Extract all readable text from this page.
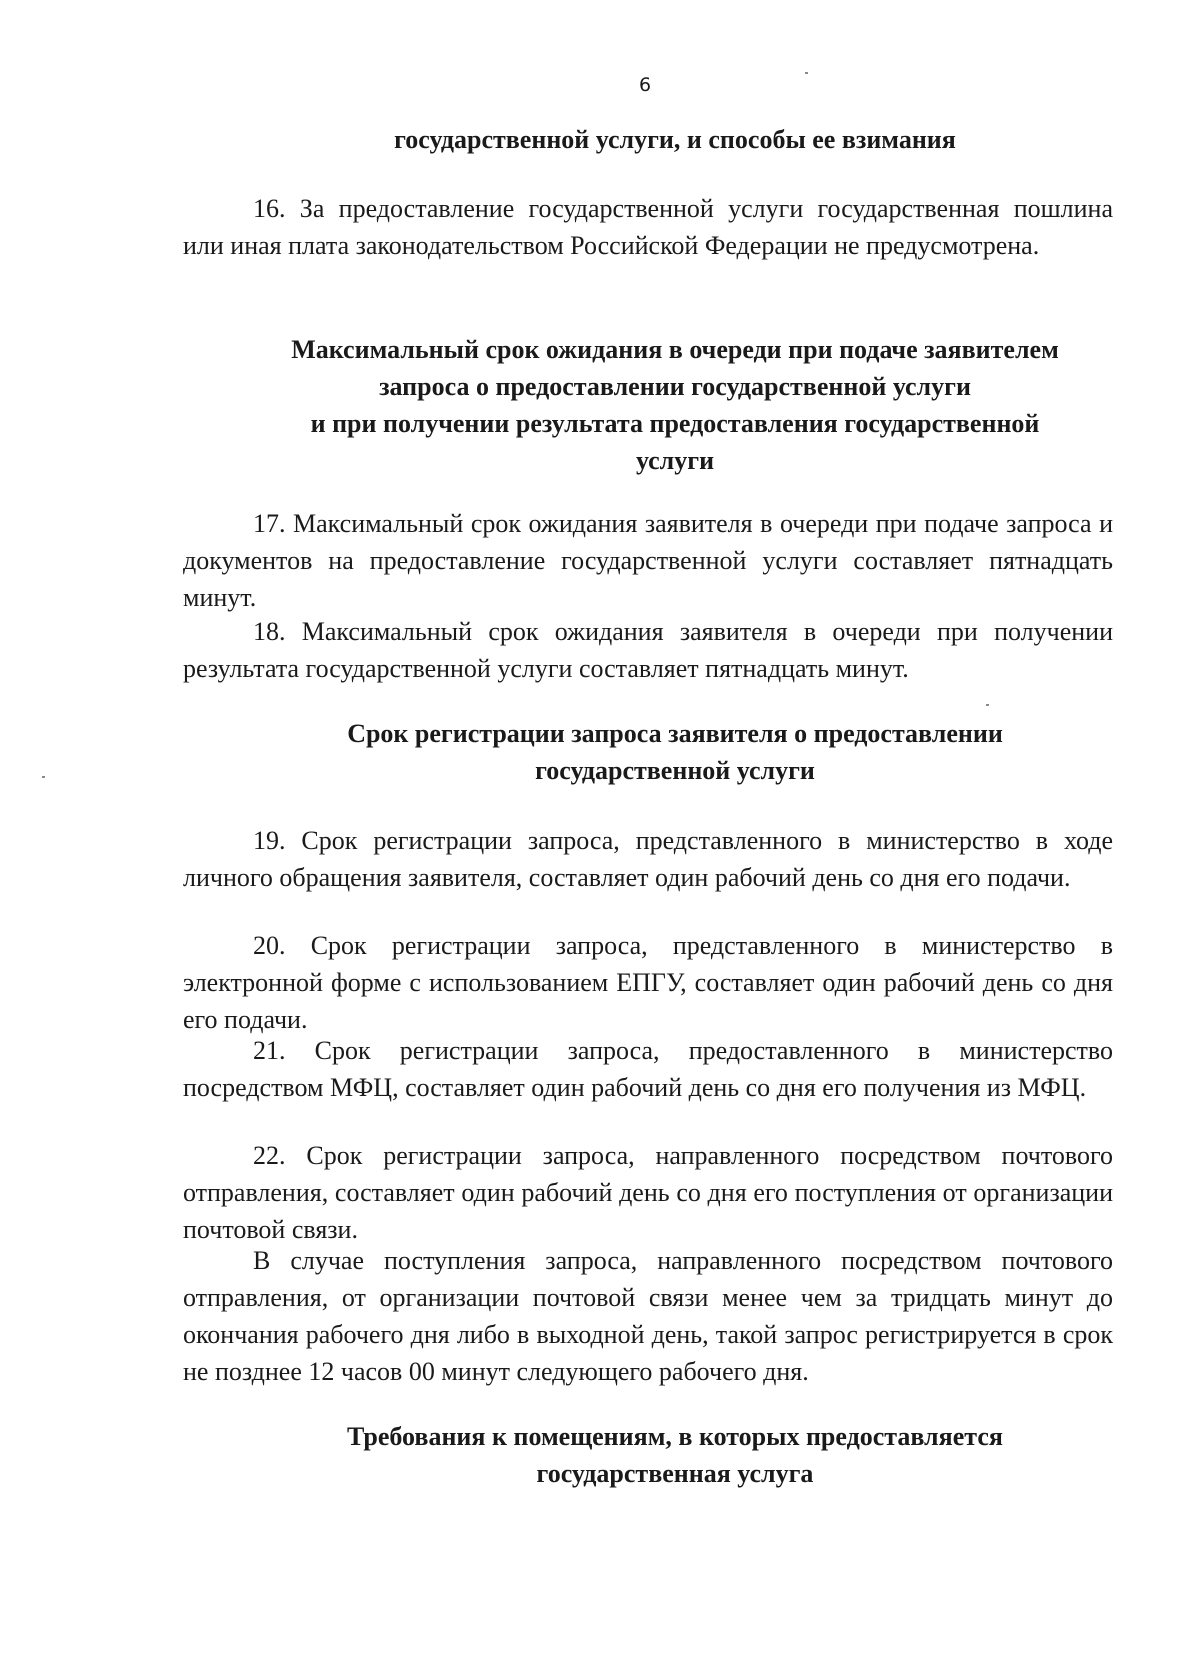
6
государственной услуги, и способы ее взимания
16. За предоставление государственной услуги государственная пошлина или иная плата законодательством Российской Федерации не предусмотрена.
Максимальный срок ожидания в очереди при подаче заявителем
запроса о предоставлении государственной услуги
и при получении результата предоставления государственной
услуги
17. Максимальный срок ожидания заявителя в очереди при подаче запроса и документов на предоставление государственной услуги составляет пятнадцать минут.
18. Максимальный срок ожидания заявителя в очереди при получении результата государственной услуги составляет пятнадцать минут.
Срок регистрации запроса заявителя о предоставлении
государственной услуги
19. Срок регистрации запроса, представленного в министерство в ходе личного обращения заявителя, составляет один рабочий день со дня его подачи.
20. Срок регистрации запроса, представленного в министерство в электронной форме с использованием ЕПГУ, составляет один рабочий день со дня его подачи.
21. Срок регистрации запроса, предоставленного в министерство посредством МФЦ, составляет один рабочий день со дня его получения из МФЦ.
22. Срок регистрации запроса, направленного посредством почтового отправления, составляет один рабочий день со дня его поступления от организации почтовой связи.
В случае поступления запроса, направленного посредством почтового отправления, от организации почтовой связи менее чем за тридцать минут до окончания рабочего дня либо в выходной день, такой запрос регистрируется в срок не позднее 12 часов 00 минут следующего рабочего дня.
Требования к помещениям, в которых предоставляется
государственная услуга
